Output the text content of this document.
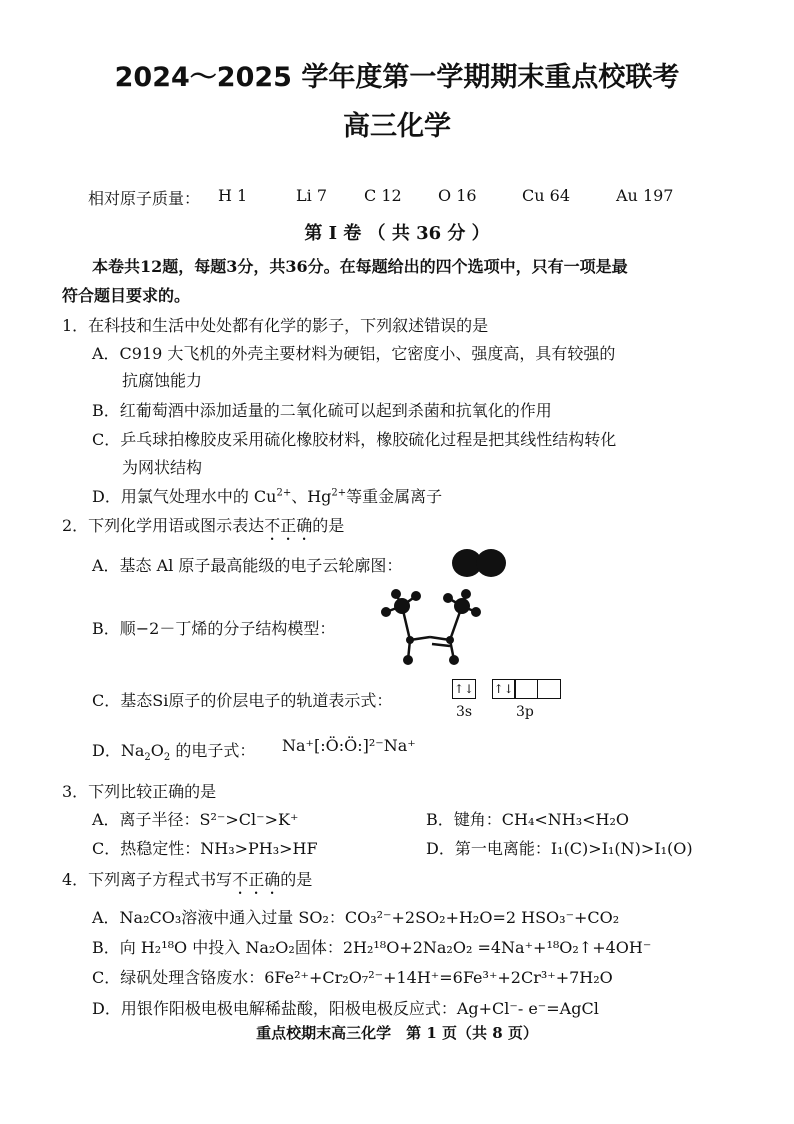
2024～2025 学年度第一学期期末重点校联考
高三化学
相对原子质量： H 1	Li 7 C 12 O 16	Cu 64	Au 197
第 Ⅰ 卷 （ 共 36 分 ）
本卷共12题，每题3分，共36分。在每题给出的四个选项中，只有一项是最
符合题目要求的。
1．在科技和生活中处处都有化学的影子，下列叙述错误的是
A．C919 大飞机的外壳主要材料为硬铝，它密度小、强度高，具有较强的
抗腐蚀能力
B．红葡萄酒中添加适量的二氧化硫可以起到杀菌和抗氧化的作用
C．乒乓球拍橡胶皮采用硫化橡胶材料，橡胶硫化过程是把其线性结构转化
为网状结构
D．用氯气处理水中的 $Cu^{2+}$、$Hg^{2+}$等重金属离子
2．下列化学用语或图示表达不正确的是
A．基态 Al 原子最高能级的电子云轮廓图：
B．顺−2－丁烯的分子结构模型：
C．基态Si原子的价层电子的轨道表示式：
↑↓ ↑↓
3s	3p
D．$Na_2O_2$ 的电子式： Na⁺[:Ö:Ö:]²⁻Na⁺
3．下列比较正确的是
A．离子半径：S²⁻>Cl⁻>K⁺	B．键角：CH₄<NH₃<H₂O
C．热稳定性：NH₃>PH₃>HF	D．第一电离能：I₁(C)>I₁(N)>I₁(O)
4．下列离子方程式书写不正确的是
A．Na₂CO₃溶液中通入过量 SO₂：CO₃²⁻+2SO₂+H₂O=2 HSO₃⁻+CO₂
B．向 H₂¹⁸O 中投入 Na₂O₂固体：2H₂¹⁸O+2Na₂O₂ =4Na⁺+¹⁸O₂↑+4OH⁻
C．绿矾处理含铬废水：6Fe²⁺+Cr₂O₇²⁻+14H⁺=6Fe³⁺+2Cr³⁺+7H₂O
D．用银作阳极电极电解稀盐酸，阳极电极反应式：Ag+Cl⁻- e⁻=AgCl
重点校期末高三化学　第 1 页（共 8 页）
